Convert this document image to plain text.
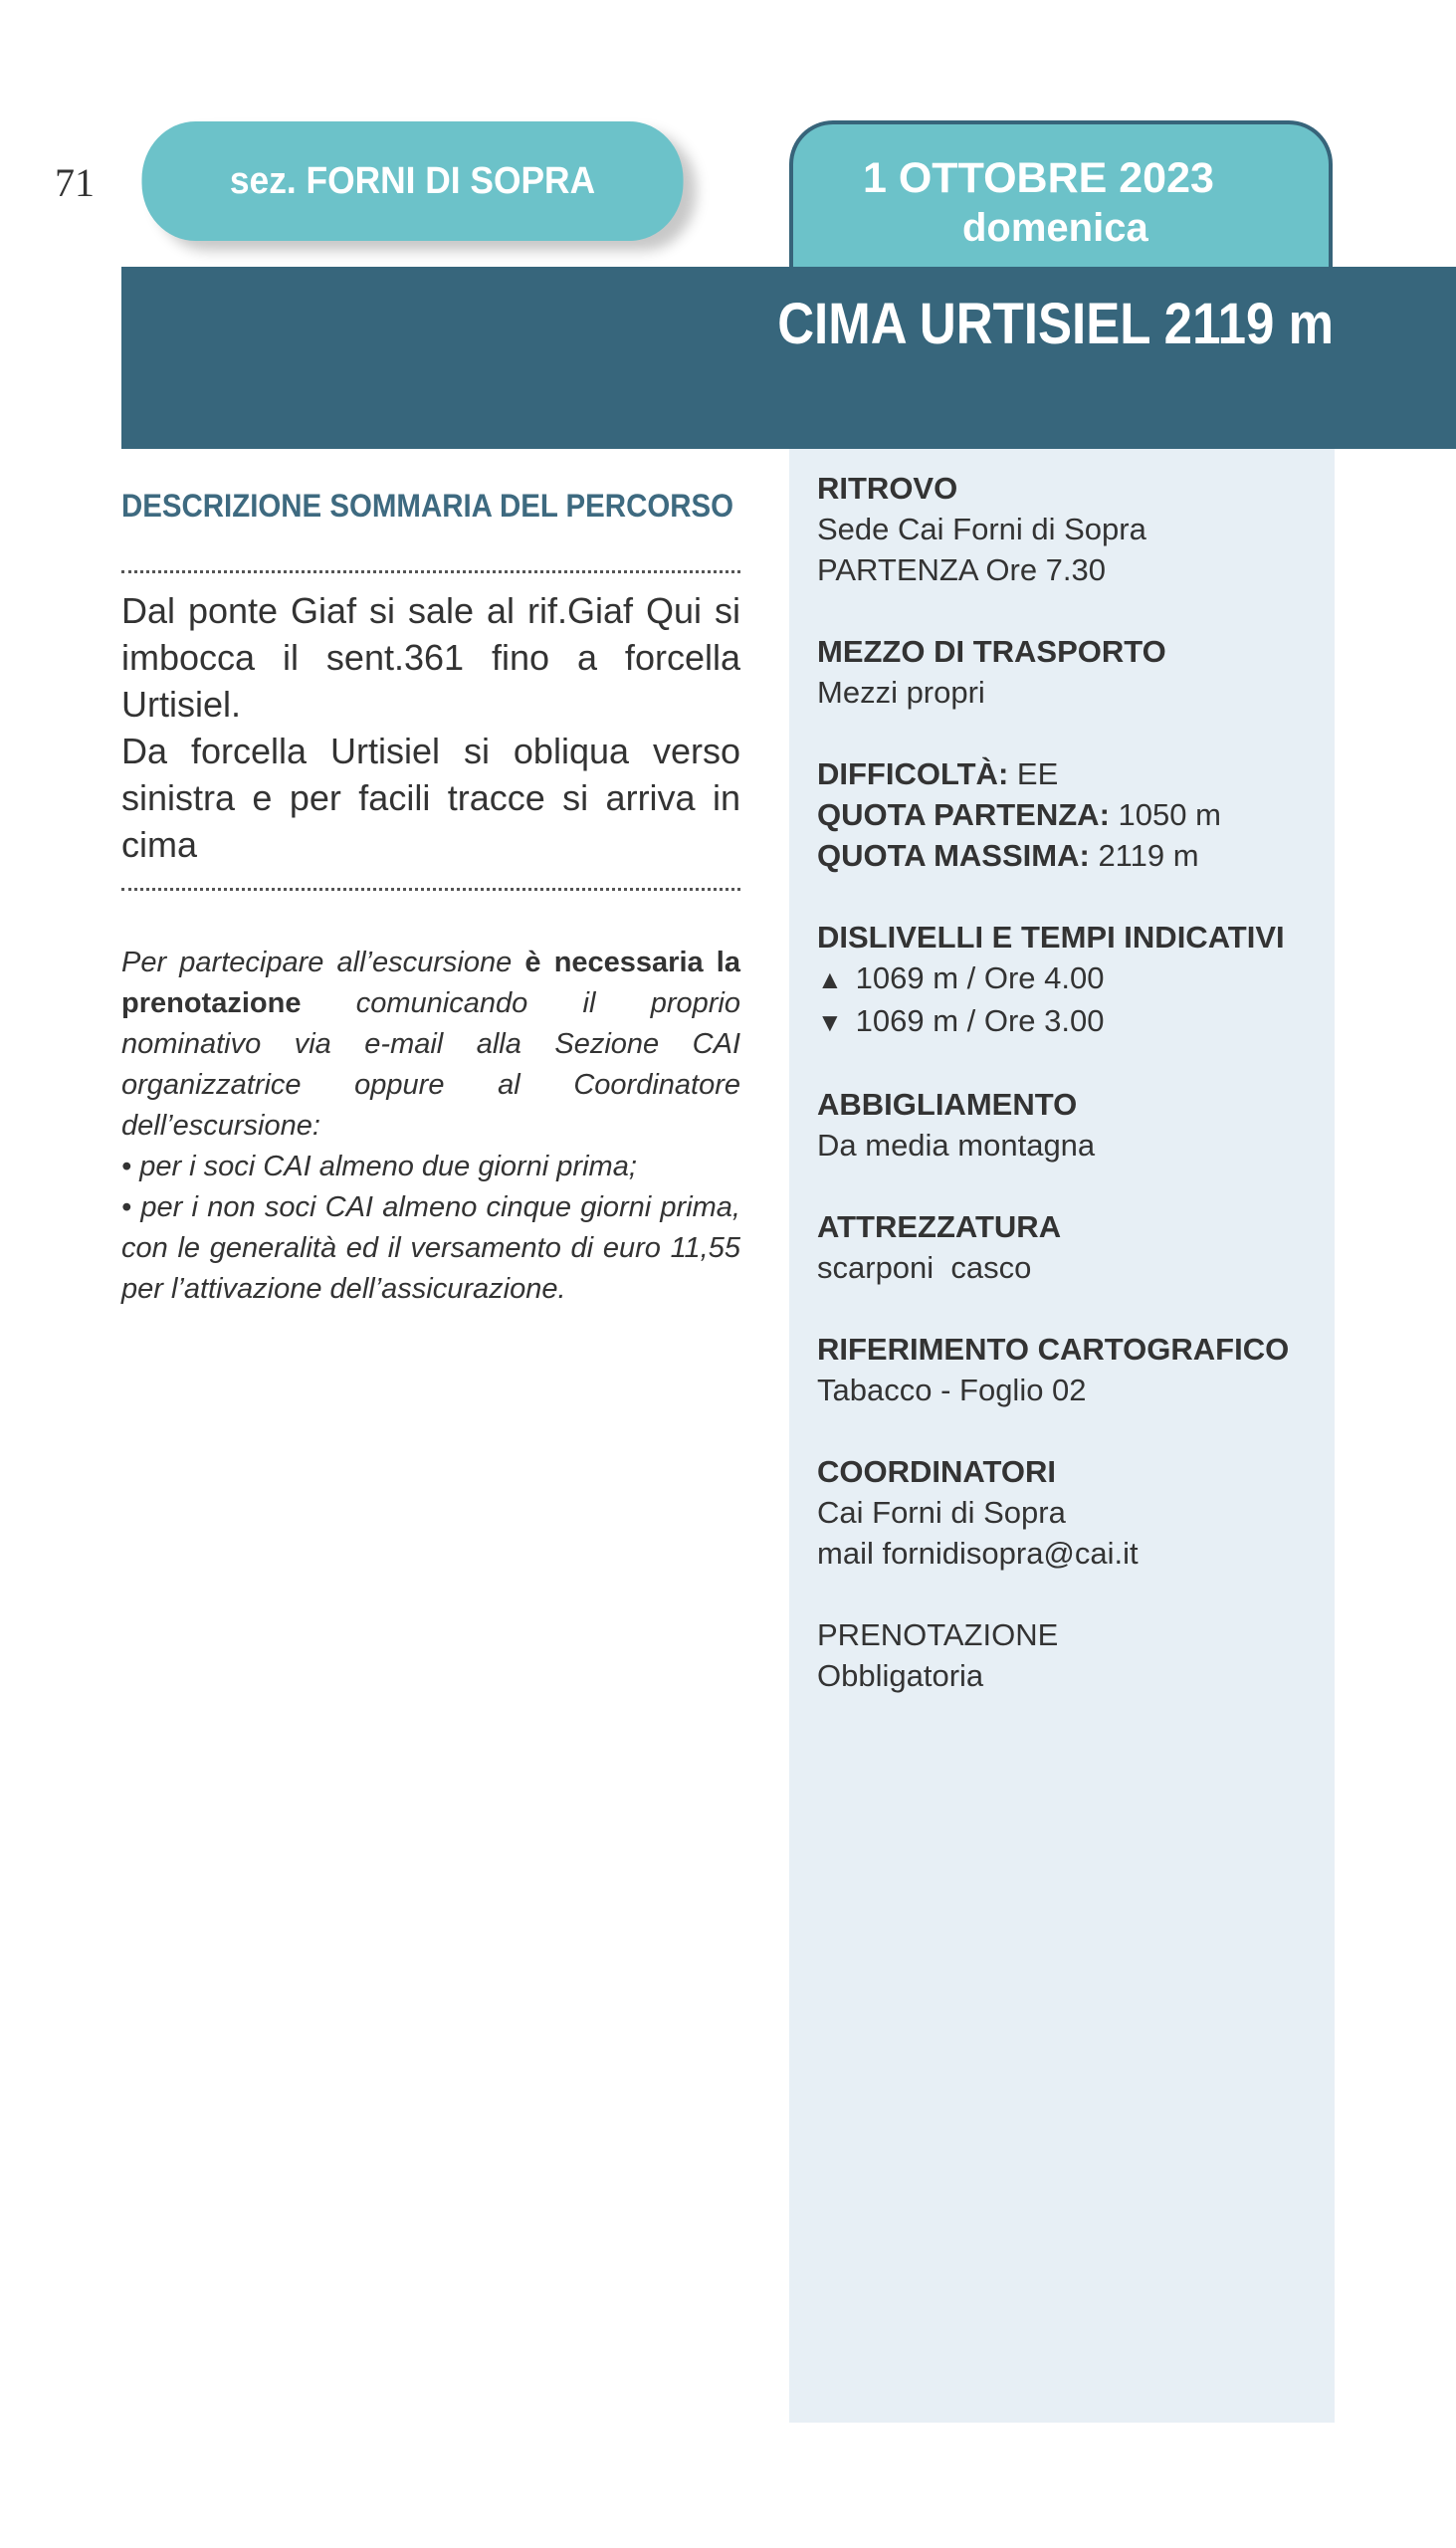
71	sez. FORNI DI SOPRA	1 OTTOBRE 2023
domenica
CIMA URTISIEL 2119 m
DESCRIZIONE SOMMARIA DEL PERCORSO

Dal ponte Giaf si sale al rif.Giaf Qui si imbocca il sent.361 fino a forcella Urtisiel.
Da forcella Urtisiel si obliqua verso sinistra e per facili tracce si arriva in cima

Per partecipare all’escursione è necessaria la prenotazione comunicando il proprio nominativo via e-mail alla Sezione CAI organizzatrice oppure al Coordinatore dell’escursione:
• per i soci CAI almeno due giorni prima;
• per i non soci CAI almeno cinque giorni prima, con le generalità ed il versamento di euro 11,55 per l’attivazione dell’assicurazione.
RITROVO
Sede Cai Forni di Sopra
PARTENZA Ore 7.30
MEZZO DI TRASPORTO
Mezzi propri
DIFFICOLTÀ: EE
QUOTA PARTENZA: 1050 m
QUOTA MASSIMA: 2119 m
DISLIVELLI E TEMPI INDICATIVI
▲ 1069 m / Ore 4.00
▼ 1069 m / Ore 3.00
ABBIGLIAMENTO
Da media montagna
ATTREZZATURA
scarponi  casco
RIFERIMENTO CARTOGRAFICO
Tabacco - Foglio 02
COORDINATORI
Cai Forni di Sopra
mail fornidisopra@cai.it
PRENOTAZIONE
Obbligatoria
